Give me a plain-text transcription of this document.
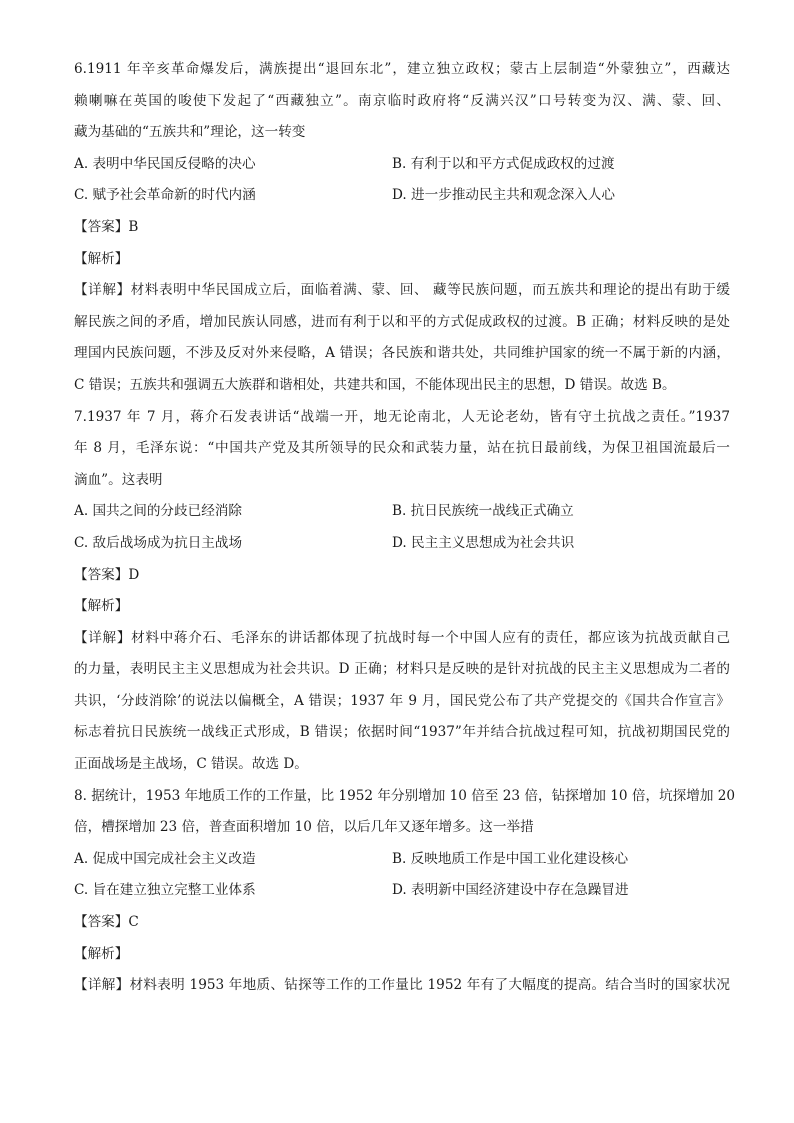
6.1911 年辛亥革命爆发后，满族提出“退回东北”，建立独立政权；蒙古上层制造“外蒙独立”，西藏达
赖喇嘛在英国的唆使下发起了“西藏独立”。南京临时政府将“反满兴汉”口号转变为汉、满、蒙、回、
藏为基础的“五族共和”理论，这一转变
A. 表明中华民国反侵略的决心	B. 有利于以和平方式促成政权的过渡
C. 赋予社会革命新的时代内涵	D. 进一步推动民主共和观念深入人心
【答案】B
【解析】
【详解】材料表明中华民国成立后，面临着满、蒙、回、 藏等民族问题，而五族共和理论的提出有助于缓
解民族之间的矛盾，增加民族认同感，进而有利于以和平的方式促成政权的过渡。B 正确；材料反映的是处
理国内民族问题，不涉及反对外来侵略，A 错误；各民族和谐共处，共同维护国家的统一不属于新的内涵，
C 错误；五族共和强调五大族群和谐相处，共建共和国，不能体现出民主的思想，D 错误。故选 B。
7.1937 年 7 月，蒋介石发表讲话“战端一开，地无论南北，人无论老幼，皆有守土抗战之责任。”1937
年 8 月，毛泽东说：“中国共产党及其所领导的民众和武装力量，站在抗日最前线，为保卫祖国流最后一
滴血”。这表明
A. 国共之间的分歧已经消除	B. 抗日民族统一战线正式确立
C. 敌后战场成为抗日主战场	D. 民主主义思想成为社会共识
【答案】D
【解析】
【详解】材料中蒋介石、毛泽东的讲话都体现了抗战时每一个中国人应有的责任，都应该为抗战贡献自己
的力量，表明民主主义思想成为社会共识。D 正确；材料只是反映的是针对抗战的民主主义思想成为二者的
共识，‘分歧消除’的说法以偏概全，A 错误；1937 年 9 月，国民党公布了共产党提交的《国共合作宣言》
标志着抗日民族统一战线正式形成，B 错误；依据时间“1937”年并结合抗战过程可知，抗战初期国民党的
正面战场是主战场，C 错误。故选 D。
8. 据统计，1953 年地质工作的工作量，比 1952 年分别增加 10 倍至 23 倍，钻探增加 10 倍，坑探增加 20
倍，槽探增加 23 倍，普查面积增加 10 倍，以后几年又逐年增多。这一举措
A. 促成中国完成社会主义改造	B. 反映地质工作是中国工业化建设核心
C. 旨在建立独立完整工业体系	D. 表明新中国经济建设中存在急躁冒进
【答案】C
【解析】
【详解】材料表明 1953 年地质、钻探等工作的工作量比 1952 年有了大幅度的提高。结合当时的国家状况
